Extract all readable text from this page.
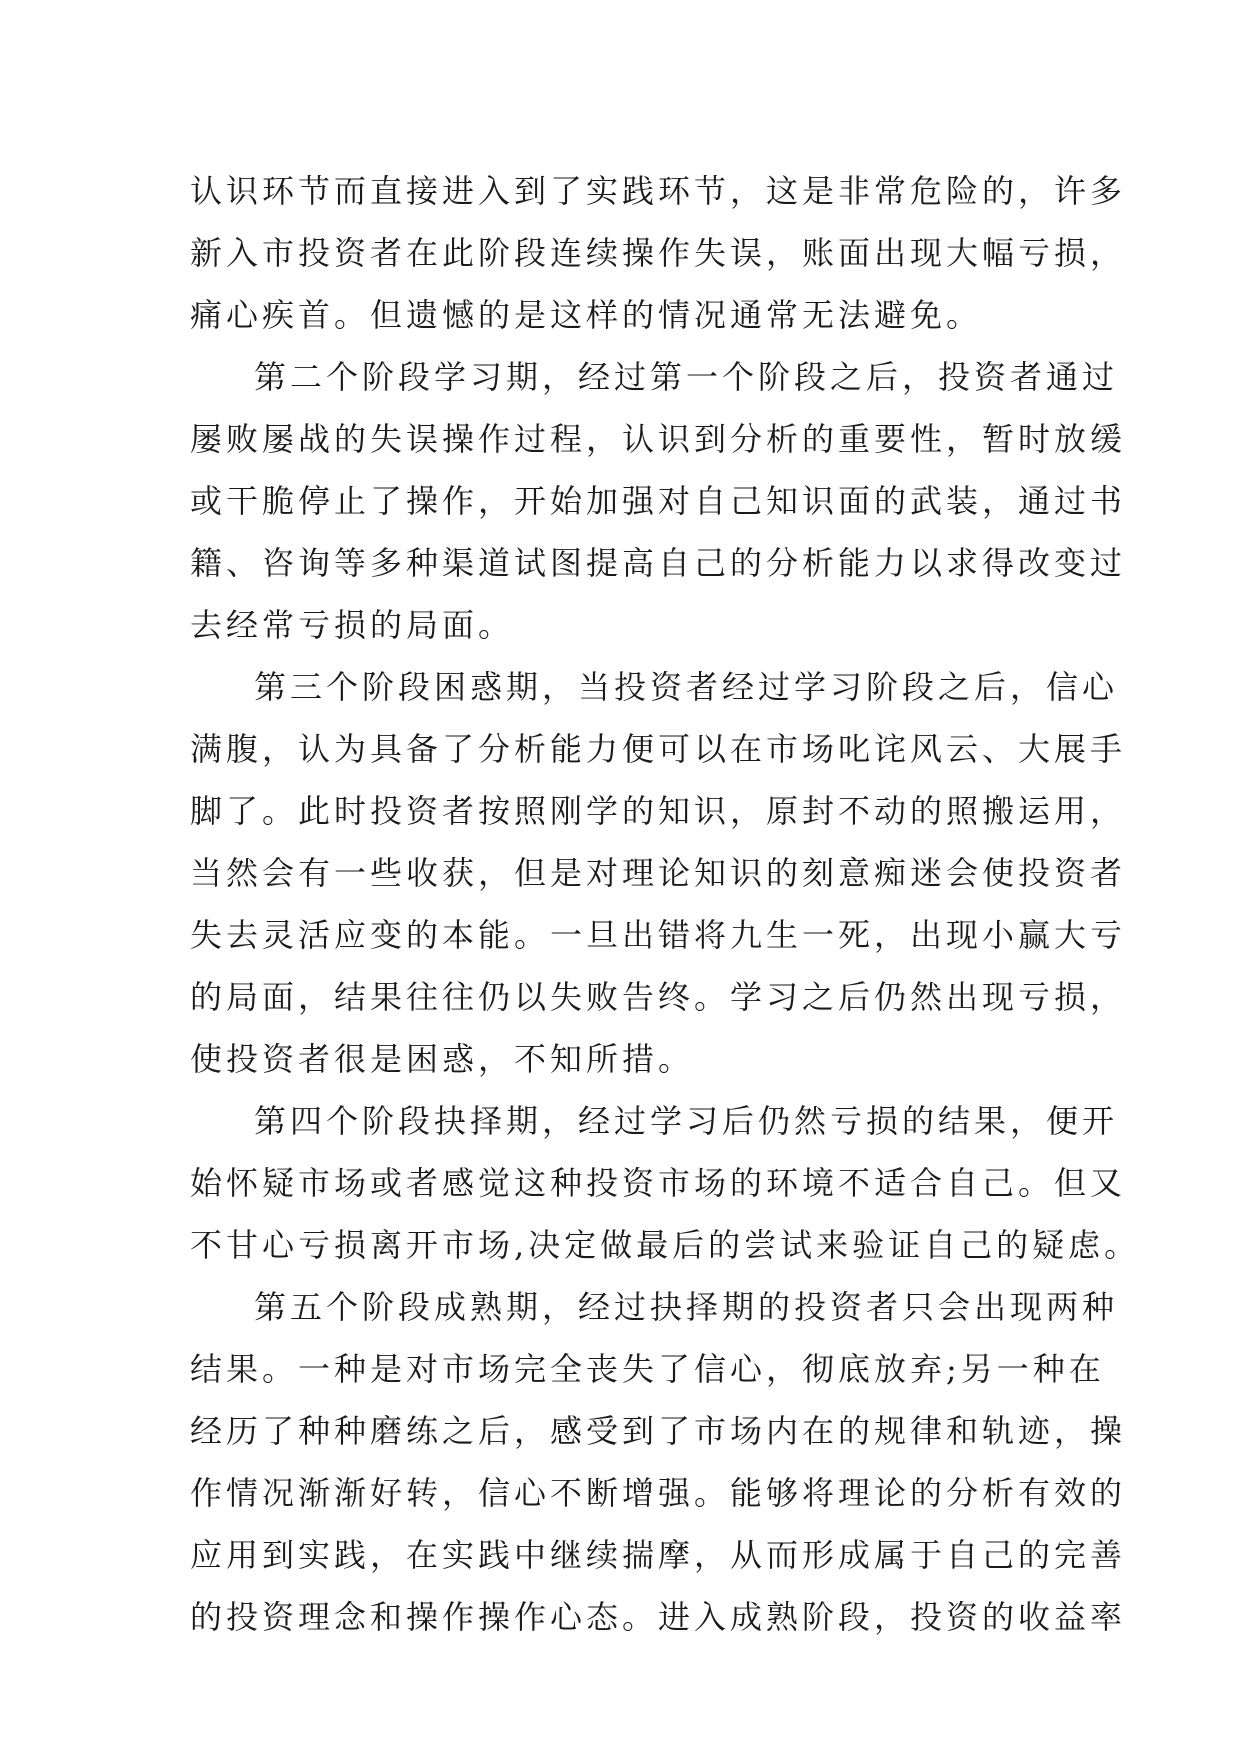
认识环节而直接进入到了实践环节，这是非常危险的，许多
新入市投资者在此阶段连续操作失误，账面出现大幅亏损，
痛心疾首。但遗憾的是这样的情况通常无法避免。

第二个阶段学习期，经过第一个阶段之后，投资者通过
屡败屡战的失误操作过程，认识到分析的重要性，暂时放缓
或干脆停止了操作，开始加强对自己知识面的武装，通过书
籍、咨询等多种渠道试图提高自己的分析能力以求得改变过
去经常亏损的局面。

第三个阶段困惑期，当投资者经过学习阶段之后，信心
满腹，认为具备了分析能力便可以在市场叱诧风云、大展手
脚了。此时投资者按照刚学的知识，原封不动的照搬运用，
当然会有一些收获，但是对理论知识的刻意痴迷会使投资者
失去灵活应变的本能。一旦出错将九生一死，出现小赢大亏
的局面，结果往往仍以失败告终。学习之后仍然出现亏损，
使投资者很是困惑，不知所措。

第四个阶段抉择期，经过学习后仍然亏损的结果，便开
始怀疑市场或者感觉这种投资市场的环境不适合自己。但又
不甘心亏损离开市场,决定做最后的尝试来验证自己的疑虑。

第五个阶段成熟期，经过抉择期的投资者只会出现两种
结果。一种是对市场完全丧失了信心，彻底放弃;另一种在
经历了种种磨练之后，感受到了市场内在的规律和轨迹，操
作情况渐渐好转，信心不断增强。能够将理论的分析有效的
应用到实践，在实践中继续揣摩，从而形成属于自己的完善
的投资理念和操作操作心态。进入成熟阶段，投资的收益率
